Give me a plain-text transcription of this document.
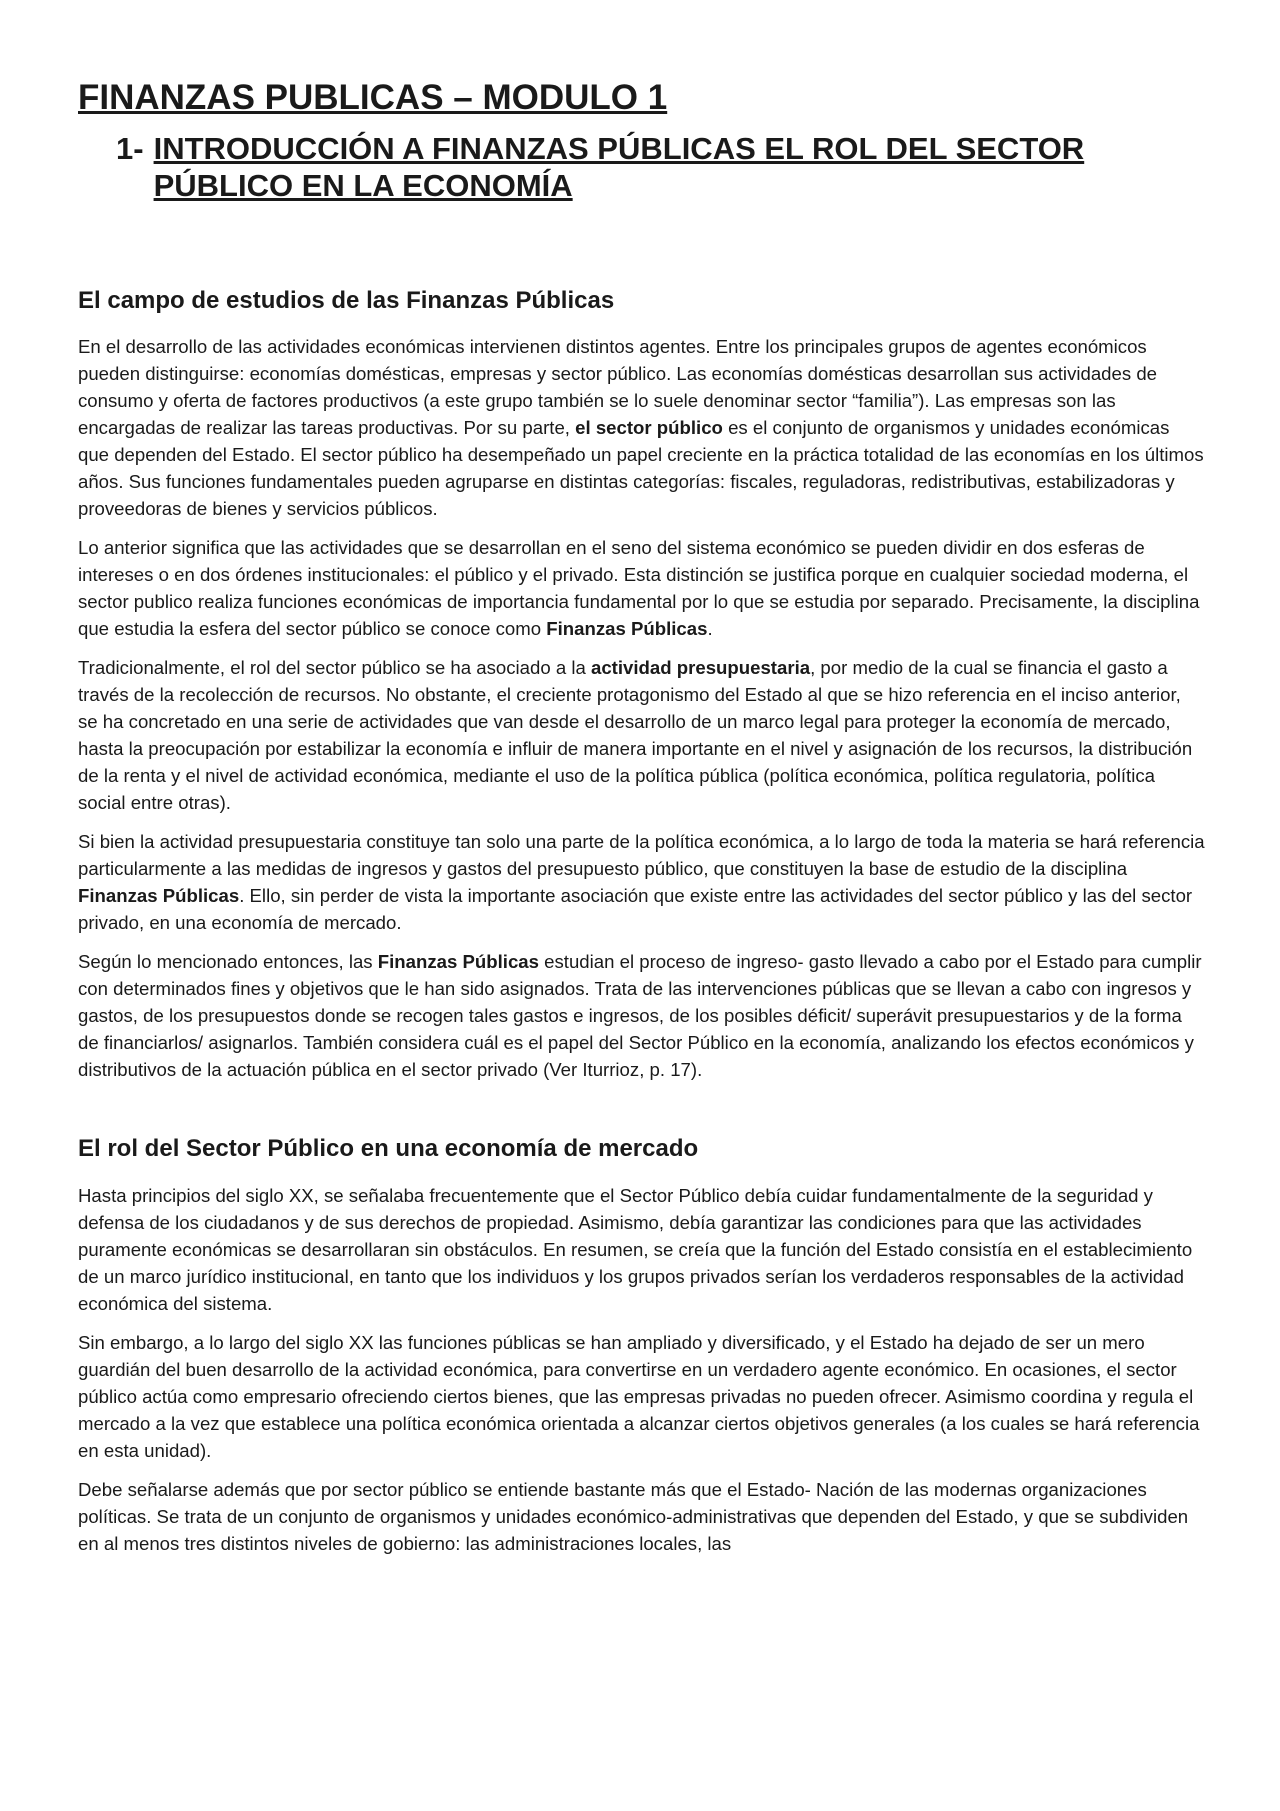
FINANZAS PUBLICAS – MODULO 1
1- INTRODUCCIÓN A FINANZAS PÚBLICAS EL ROL DEL SECTOR PÚBLICO EN LA ECONOMÍA
El campo de estudios de las Finanzas Públicas

En el desarrollo de las actividades económicas intervienen distintos agentes. Entre los principales grupos de agentes económicos pueden distinguirse: economías domésticas, empresas y sector público. Las economías domésticas desarrollan sus actividades de consumo y oferta de factores productivos (a este grupo también se lo suele denominar sector “familia”). Las empresas son las encargadas de realizar las tareas productivas. Por su parte, el sector público es el conjunto de organismos y unidades económicas que dependen del Estado. El sector público ha desempeñado un papel creciente en la práctica totalidad de las economías en los últimos años. Sus funciones fundamentales pueden agruparse en distintas categorías: fiscales, reguladoras, redistributivas, estabilizadoras y proveedoras de bienes y servicios públicos.

Lo anterior significa que las actividades que se desarrollan en el seno del sistema económico se pueden dividir en dos esferas de intereses o en dos órdenes institucionales: el público y el privado. Esta distinción se justifica porque en cualquier sociedad moderna, el sector publico realiza funciones económicas de importancia fundamental por lo que se estudia por separado. Precisamente, la disciplina que estudia la esfera del sector público se conoce como Finanzas Públicas.

Tradicionalmente, el rol del sector público se ha asociado a la actividad presupuestaria, por medio de la cual se financia el gasto a través de la recolección de recursos. No obstante, el creciente protagonismo del Estado al que se hizo referencia en el inciso anterior, se ha concretado en una serie de actividades que van desde el desarrollo de un marco legal para proteger la economía de mercado, hasta la preocupación por estabilizar la economía e influir de manera importante en el nivel y asignación de los recursos, la distribución de la renta y el nivel de actividad económica, mediante el uso de la política pública (política económica, política regulatoria, política social entre otras).

Si bien la actividad presupuestaria constituye tan solo una parte de la política económica, a lo largo de toda la materia se hará referencia particularmente a las medidas de ingresos y gastos del presupuesto público, que constituyen la base de estudio de la disciplina Finanzas Públicas. Ello, sin perder de vista la importante asociación que existe entre las actividades del sector público y las del sector privado, en una economía de mercado.

Según lo mencionado entonces, las Finanzas Públicas estudian el proceso de ingreso- gasto llevado a cabo por el Estado para cumplir con determinados fines y objetivos que le han sido asignados. Trata de las intervenciones públicas que se llevan a cabo con ingresos y gastos, de los presupuestos donde se recogen tales gastos e ingresos, de los posibles déficit/ superávit presupuestarios y de la forma de financiarlos/ asignarlos. También considera cuál es el papel del Sector Público en la economía, analizando los efectos económicos y distributivos de la actuación pública en el sector privado (Ver Iturrioz, p. 17).

El rol del Sector Público en una economía de mercado

Hasta principios del siglo XX, se señalaba frecuentemente que el Sector Público debía cuidar fundamentalmente de la seguridad y defensa de los ciudadanos y de sus derechos de propiedad. Asimismo, debía garantizar las condiciones para que las actividades puramente económicas se desarrollaran sin obstáculos. En resumen, se creía que la función del Estado consistía en el establecimiento de un marco jurídico institucional, en tanto que los individuos y los grupos privados serían los verdaderos responsables de la actividad económica del sistema.

Sin embargo, a lo largo del siglo XX las funciones públicas se han ampliado y diversificado, y el Estado ha dejado de ser un mero guardián del buen desarrollo de la actividad económica, para convertirse en un verdadero agente económico. En ocasiones, el sector público actúa como empresario ofreciendo ciertos bienes, que las empresas privadas no pueden ofrecer. Asimismo coordina y regula el mercado a la vez que establece una política económica orientada a alcanzar ciertos objetivos generales (a los cuales se hará referencia en esta unidad).

Debe señalarse además que por sector público se entiende bastante más que el Estado- Nación de las modernas organizaciones políticas. Se trata de un conjunto de organismos y unidades económico-administrativas que dependen del Estado, y que se subdividen en al menos tres distintos niveles de gobierno: las administraciones locales, las
